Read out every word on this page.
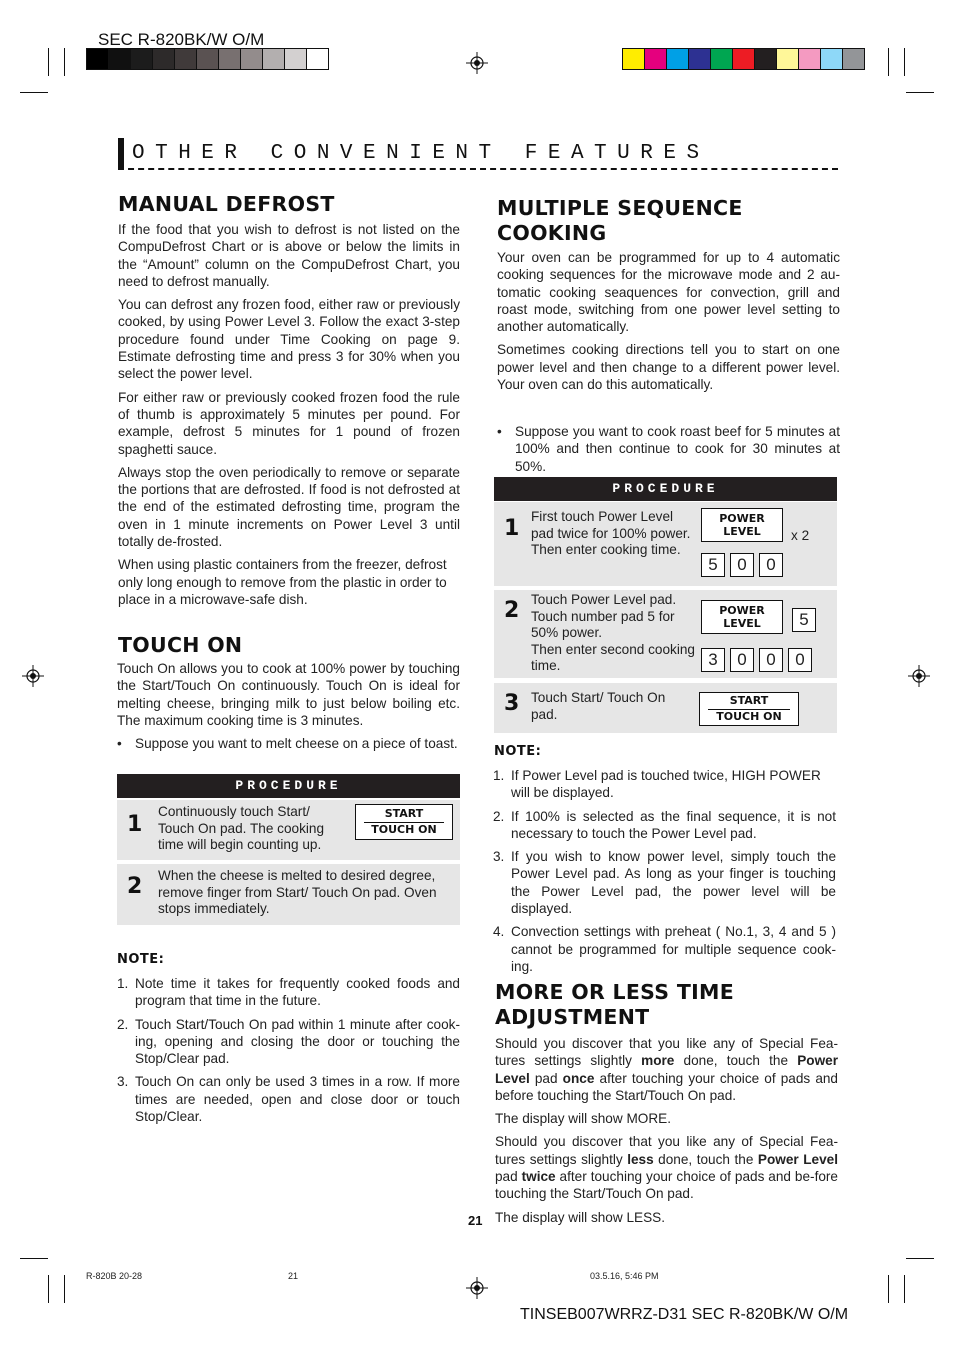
SEC R-820BK/W O/M
OTHER CONVENIENT FEATURES
MANUAL DEFROST

If the food that you wish to defrost is not listed on the CompuDefrost Chart or is above or below the limits in the “Amount” column on the CompuDefrost Chart, you need to defrost manually.

You can defrost any frozen food, either raw or previously cooked, by using Power Level 3. Follow the exact 3-step procedure found under Time Cooking on page 9. Estimate defrosting time and press 3 for 30% when you select the power level.

For either raw or previously cooked frozen food the rule of thumb is approximately 5 minutes per pound. For example, defrost 5 minutes for 1 pound of frozen spaghetti sauce.

Always stop the oven periodically to remove or separate the portions that are defrosted. If food is not defrosted at the end of the estimated defrosting time, program the oven in 1 minute increments on Power Level 3 until totally de-frosted.

When using plastic containers from the freezer, defrost only long enough to remove from the plastic in order to place in a microwave-safe dish.

TOUCH ON

Touch On allows you to cook at 100% power by touching the Start/Touch On continuously. Touch On is ideal for melting cheese, bringing milk to just below boiling etc. The maximum cooking time is 3 minutes.

• Suppose you want to melt cheese on a piece of toast.
PROCEDURE
1
Continuously touch Start/ Touch On pad. The cooking time will begin counting up.
START
TOUCH ON
2 When the cheese is melted to desired degree, remove finger from Start/ Touch On pad. Oven stops immediately.
NOTE:
1. Note time it takes for frequently cooked foods and program that time in the future.
2. Touch Start/Touch On pad within 1 minute after cook-ing, opening and closing the door or touching the Stop/Clear pad.
3. Touch On can only be used 3 times in a row. If more times are needed, open and close door or touch Stop/Clear.
MULTIPLE SEQUENCE
COOKING

Your oven can be programmed for up to 4 automatic cooking sequences for the microwave mode and 2 au-tomatic cooking seaquences for convection, grill and roast mode, switching from one power level setting to another automatically.

Sometimes cooking directions tell you to start on one power level and then change to a different power level. Your oven can do this automatically.

• Suppose you want to cook roast beef for 5 minutes at 100% and then continue to cook for 30 minutes at 50%.
PROCEDURE
1 First touch Power Level pad twice for 100% power.
Then enter cooking time.
POWER
LEVEL	x 2
5	0	0
2 Touch Power Level pad. Touch number pad 5 for 50% power.
Then enter second cooking time.
POWER
LEVEL	5
3	0	0	0
3 Touch Start/ Touch On pad.
START
TOUCH ON
NOTE:
1. If Power Level pad is touched twice, HIGH POWER will be displayed.
2. If 100% is selected as the final sequence, it is not necessary to touch the Power Level pad.
3. If you wish to know power level, simply touch the Power Level pad. As long as your finger is touching the Power Level pad, the power level will be displayed.
4. Convection settings with preheat ( No.1, 3, 4 and 5 ) cannot be programmed for multiple sequence cook-ing.
MORE OR LESS TIME
ADJUSTMENT

Should you discover that you like any of Special Fea-tures settings slightly more done, touch the Power Level pad once after touching your choice of pads and before touching the Start/Touch On pad.

The display will show MORE.

Should you discover that you like any of Special Fea-tures settings slightly less done, touch the Power Level pad twice after touching your choice of pads and be-fore touching the Start/Touch On pad.

The display will show LESS.

21
R-820B 20-28	21	03.5.16, 5:46 PM
TINSEB007WRRZ-D31 SEC R-820BK/W O/M
